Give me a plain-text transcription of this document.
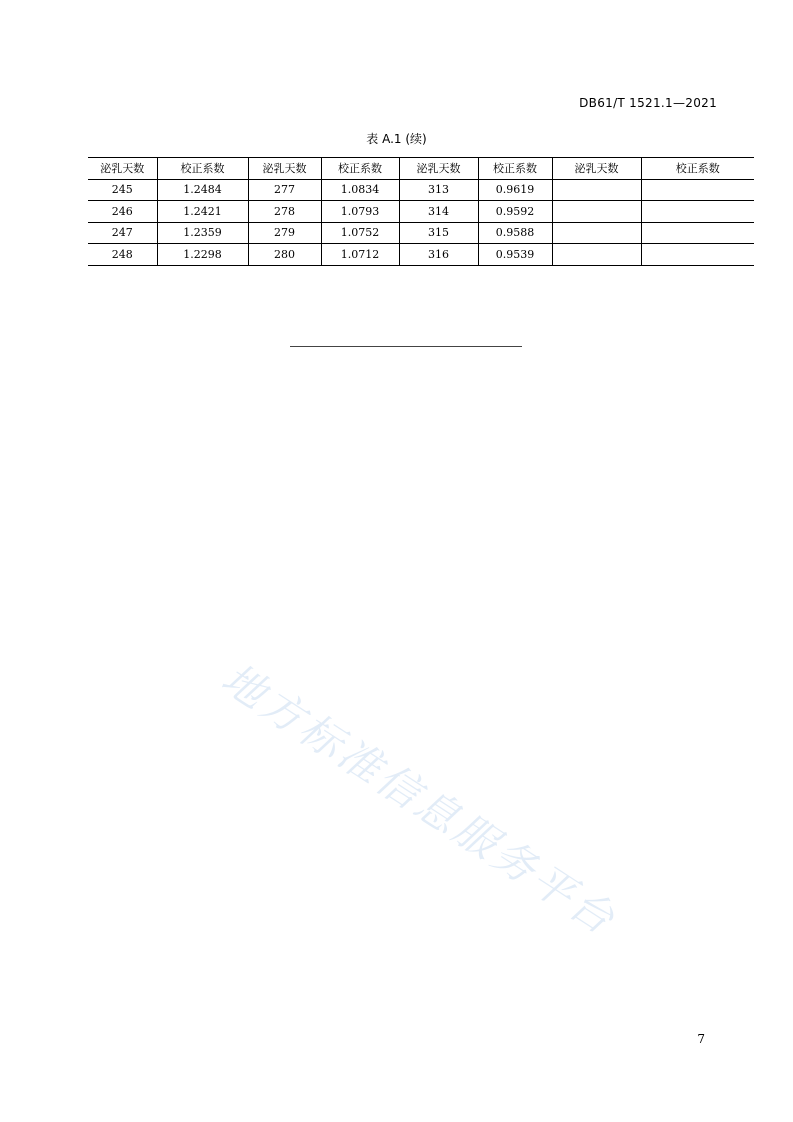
DB61/T 1521.1—2021
表 A.1 (续)
泌乳天数	校正系数	泌乳天数	校正系数	泌乳天数	校正系数	泌乳天数	校正系数
245	1.2484	277	1.0834	313	0.9619		
246	1.2421	278	1.0793	314	0.9592		
247	1.2359	279	1.0752	315	0.9588		
248	1.2298	280	1.0712	316	0.9539		
地方标准信息服务平台
7
